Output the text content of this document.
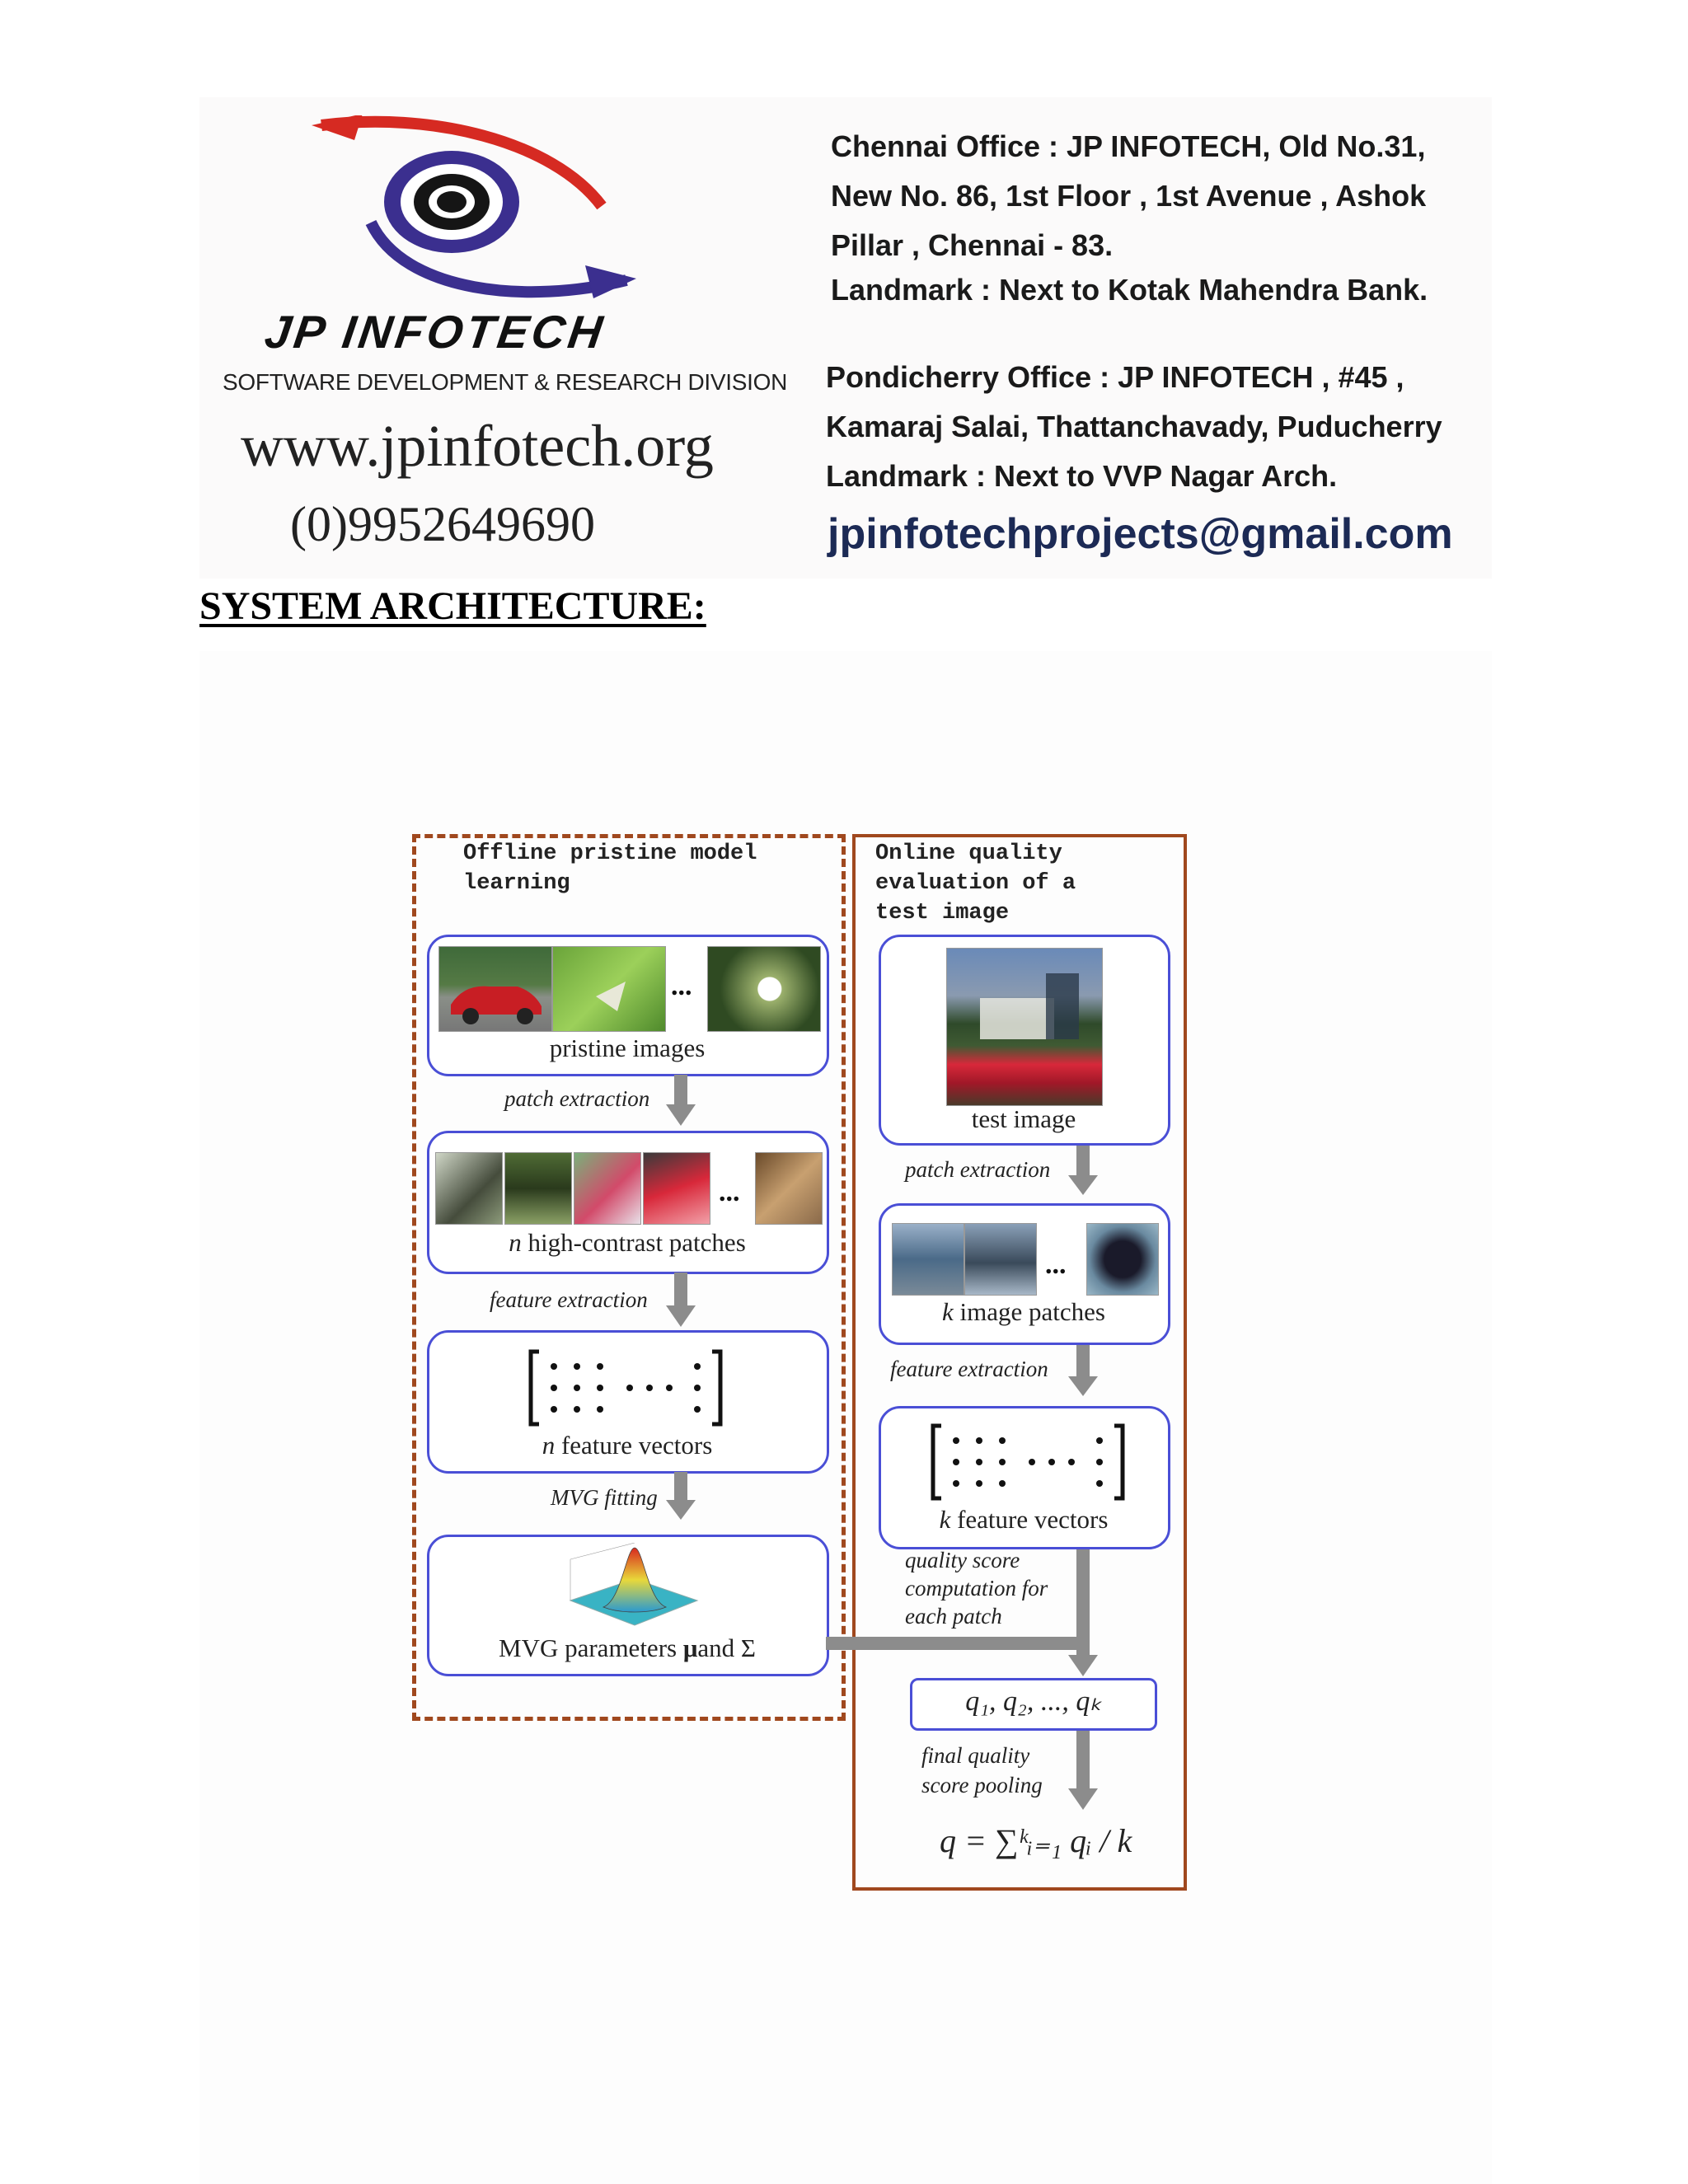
JP INFOTECH
SOFTWARE DEVELOPMENT & RESEARCH DIVISION
www.jpinfotech.org
(0)9952649690
Chennai Office : JP INFOTECH, Old No.31,
New No. 86, 1st Floor , 1st Avenue , Ashok
Pillar , Chennai - 83.
Landmark : Next to Kotak Mahendra Bank.
Pondicherry Office : JP INFOTECH , #45 ,
Kamaraj Salai, Thattanchavady, Puducherry
Landmark : Next to VVP Nagar Arch.
jpinfotechprojects@gmail.com
SYSTEM ARCHITECTURE:
Offline pristine model
learning
Online quality
evaluation of a
test image
...
pristine images
patch extraction
...
n high-contrast patches
feature extraction
n feature vectors
MVG fitting
MVG parameters μand Σ
test image
patch extraction
...
k image patches
feature extraction
k feature vectors
quality score
computation for
each patch
q₁, q₂, ..., qₖ
final quality
score pooling
q = ∑ᵏᵢ₌₁ qᵢ / k
